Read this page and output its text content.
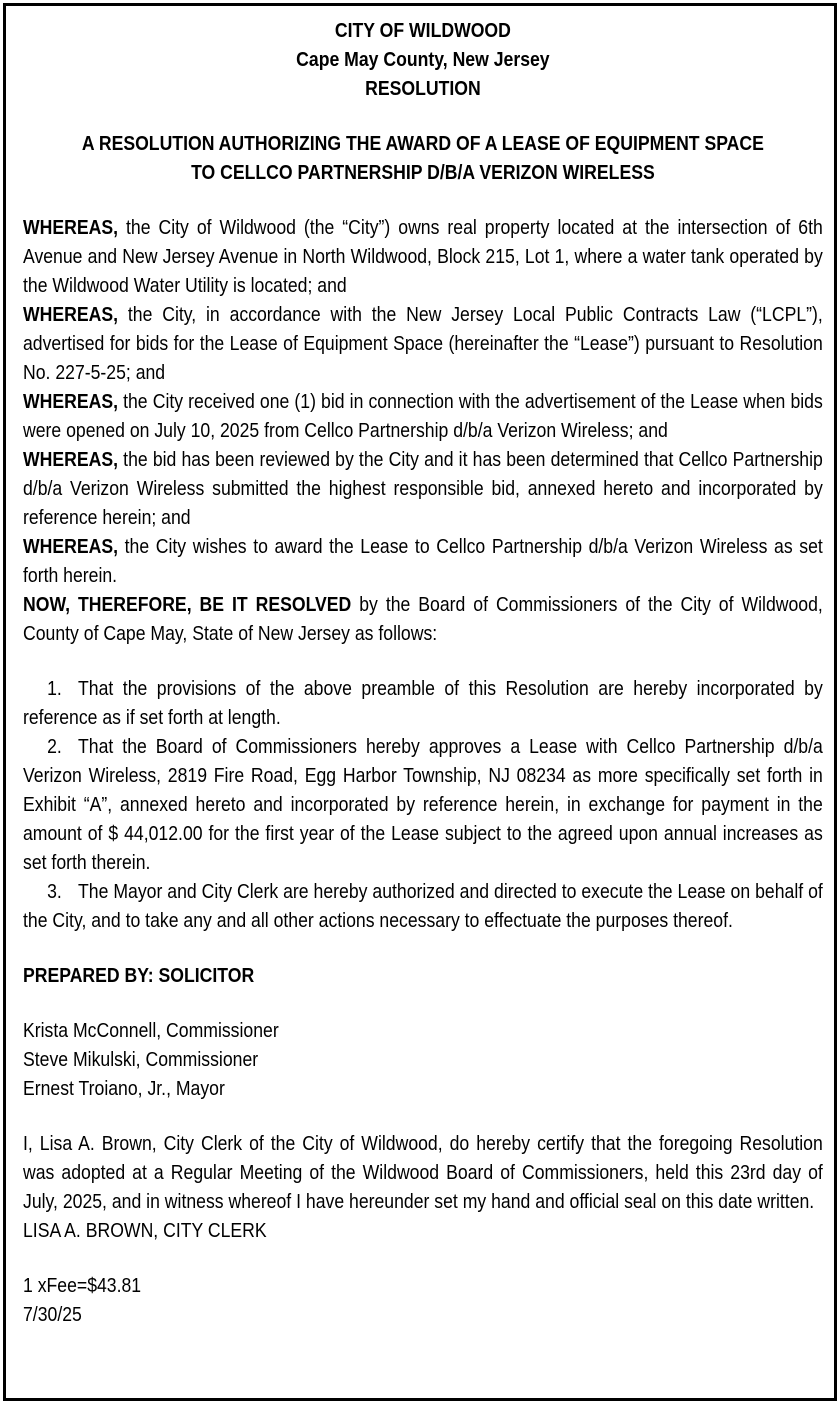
CITY OF WILDWOOD
Cape May County, New Jersey
RESOLUTION
A RESOLUTION AUTHORIZING THE AWARD OF A LEASE OF EQUIPMENT SPACE
TO CELLCO PARTNERSHIP D/B/A VERIZON WIRELESS

WHEREAS, the City of Wildwood (the “City”) owns real property located at the intersection of 6th Avenue and New Jersey Avenue in North Wildwood, Block 215, Lot 1, where a water tank operated by the Wildwood Water Utility is located; and

WHEREAS, the City, in accordance with the New Jersey Local Public Contracts Law (“LCPL”), advertised for bids for the Lease of Equipment Space (hereinafter the “Lease”) pursuant to Resolution No. 227-5-25; and

WHEREAS, the City received one (1) bid in connection with the advertisement of the Lease when bids were opened on July 10, 2025 from Cellco Partnership d/b/a Verizon Wireless; and

WHEREAS, the bid has been reviewed by the City and it has been determined that Cellco Partnership d/b/a Verizon Wireless submitted the highest responsible bid, annexed hereto and incorporated by reference herein; and

WHEREAS, the City wishes to award the Lease to Cellco Partnership d/b/a Verizon Wireless as set forth herein.

NOW, THEREFORE, BE IT RESOLVED by the Board of Commissioners of the City of Wildwood, County of Cape May, State of New Jersey as follows:

1. That the provisions of the above preamble of this Resolution are hereby incorporated by reference as if set forth at length.

2. That the Board of Commissioners hereby approves a Lease with Cellco Partnership d/b/a Verizon Wireless, 2819 Fire Road, Egg Harbor Township, NJ 08234 as more specifically set forth in Exhibit “A”, annexed hereto and incorporated by reference herein, in exchange for payment in the amount of $ 44,012.00 for the first year of the Lease subject to the agreed upon annual increases as set forth therein.

3. The Mayor and City Clerk are hereby authorized and directed to execute the Lease on behalf of the City, and to take any and all other actions necessary to effectuate the purposes thereof.

PREPARED BY: SOLICITOR
Krista McConnell, Commissioner
Steve Mikulski, Commissioner
Ernest Troiano, Jr., Mayor

I, Lisa A. Brown, City Clerk of the City of Wildwood, do hereby certify that the foregoing Resolution was adopted at a Regular Meeting of the Wildwood Board of Commissioners, held this 23rd day of July, 2025, and in witness whereof I have hereunder set my hand and official seal on this date written.

LISA A. BROWN, CITY CLERK
1 xFee=$43.81
7/30/25
